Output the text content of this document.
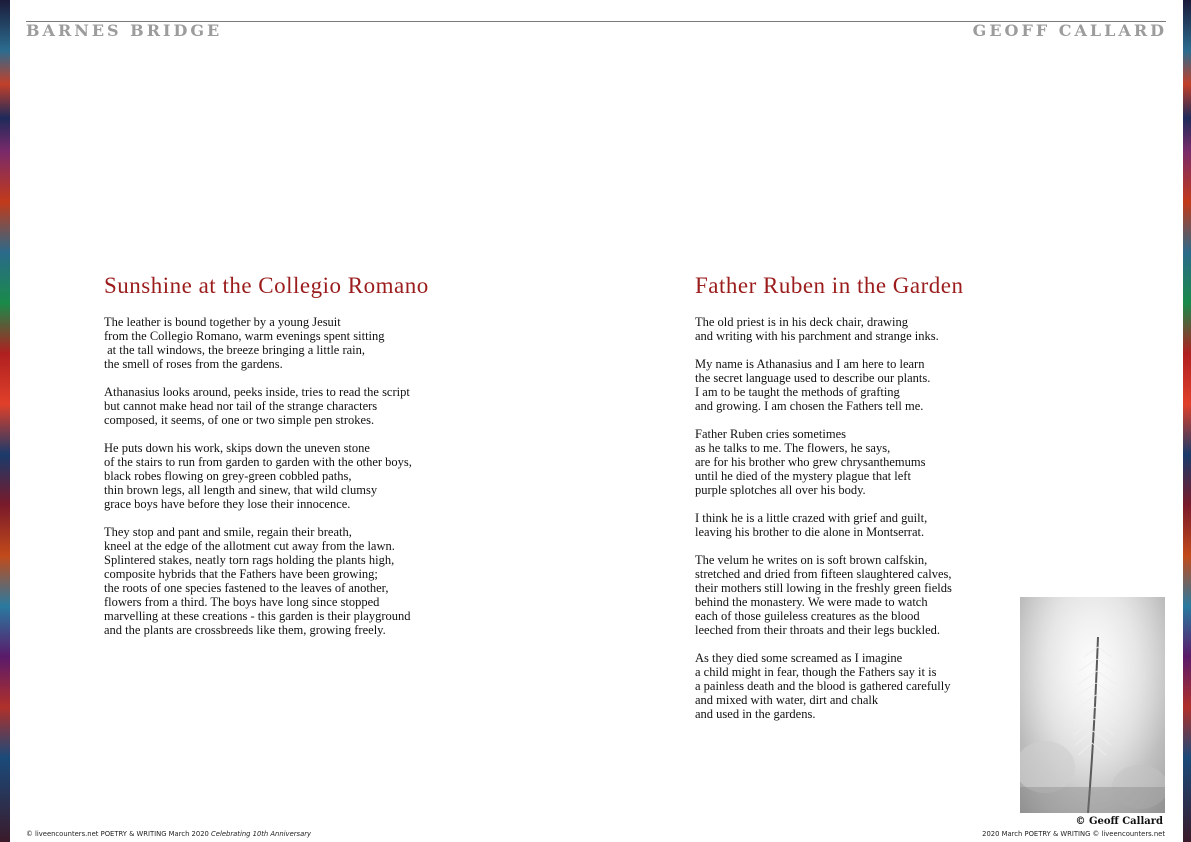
BARNES BRIDGE	GEOFF CALLARD
Sunshine at the Collegio Romano
The leather is bound together by a young Jesuit
from the Collegio Romano, warm evenings spent sitting
at the tall windows, the breeze bringing a little rain,
the smell of roses from the gardens.
Athanasius looks around, peeks inside, tries to read the script
but cannot make head nor tail of the strange characters
composed, it seems, of one or two simple pen strokes.
He puts down his work, skips down the uneven stone
of the stairs to run from garden to garden with the other boys,
black robes flowing on grey-green cobbled paths,
thin brown legs, all length and sinew, that wild clumsy
grace boys have before they lose their innocence.
They stop and pant and smile, regain their breath,
kneel at the edge of the allotment cut away from the lawn.
Splintered stakes, neatly torn rags holding the plants high,
composite hybrids that the Fathers have been growing;
the roots of one species fastened to the leaves of another,
flowers from a third. The boys have long since stopped
marvelling at these creations - this garden is their playground
and the plants are crossbreeds like them, growing freely.
Father Ruben in the Garden
The old priest is in his deck chair, drawing
and writing with his parchment and strange inks.
My name is Athanasius and I am here to learn
the secret language used to describe our plants.
I am to be taught the methods of grafting
and growing. I am chosen the Fathers tell me.
Father Ruben cries sometimes
as he talks to me. The flowers, he says,
are for his brother who grew chrysanthemums
until he died of the mystery plague that left
purple splotches all over his body.
I think he is a little crazed with grief and guilt,
leaving his brother to die alone in Montserrat.
The velum he writes on is soft brown calfskin,
stretched and dried from fifteen slaughtered calves,
their mothers still lowing in the freshly green fields
behind the monastery. We were made to watch
each of those guileless creatures as the blood
leeched from their throats and their legs buckled.
As they died some screamed as I imagine
a child might in fear, though the Fathers say it is
a painless death and the blood is gathered carefully
and mixed with water, dirt and chalk
and used in the gardens.
© Geoff Callard
© liveencounters.net POETRY & WRITING March 2020 Celebrating 10th Anniversary	2020 March POETRY & WRITING © liveencounters.net
